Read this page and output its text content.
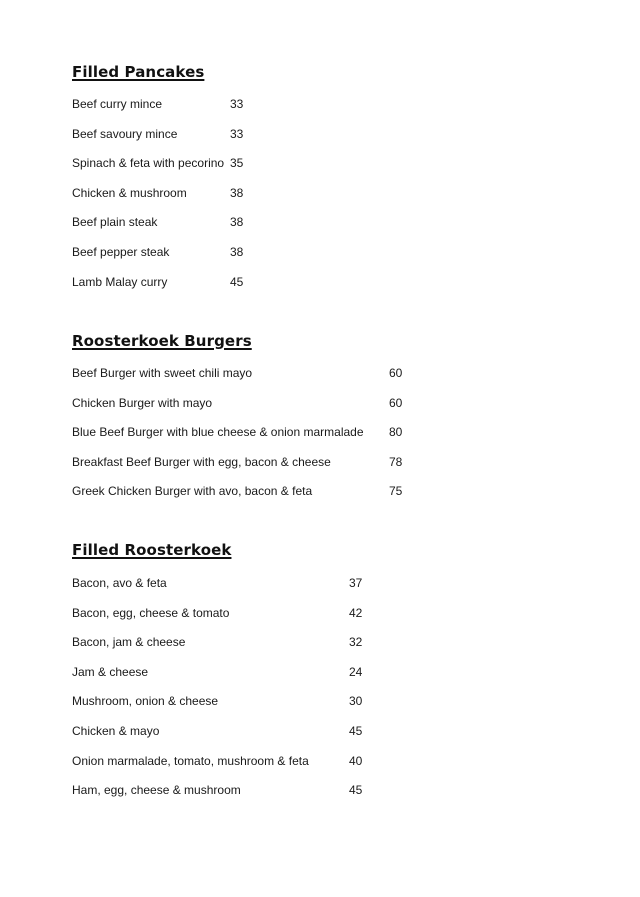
Filled Pancakes
Beef curry mince	33
Beef savoury mince	33
Spinach & feta with pecorino 35
Chicken & mushroom	38
Beef plain steak	38
Beef pepper steak	38
Lamb Malay curry	45
Roosterkoek Burgers
Beef Burger with sweet chili mayo	60
Chicken Burger with mayo	60
Blue Beef Burger with blue cheese & onion marmalade 80
Breakfast Beef Burger with egg, bacon & cheese	78
Greek Chicken Burger with avo, bacon & feta	75
Filled Roosterkoek
Bacon, avo & feta	37
Bacon, egg, cheese & tomato	42
Bacon, jam & cheese	32
Jam & cheese	24
Mushroom, onion & cheese	30
Chicken & mayo	45
Onion marmalade, tomato, mushroom & feta	40
Ham, egg, cheese & mushroom	45
